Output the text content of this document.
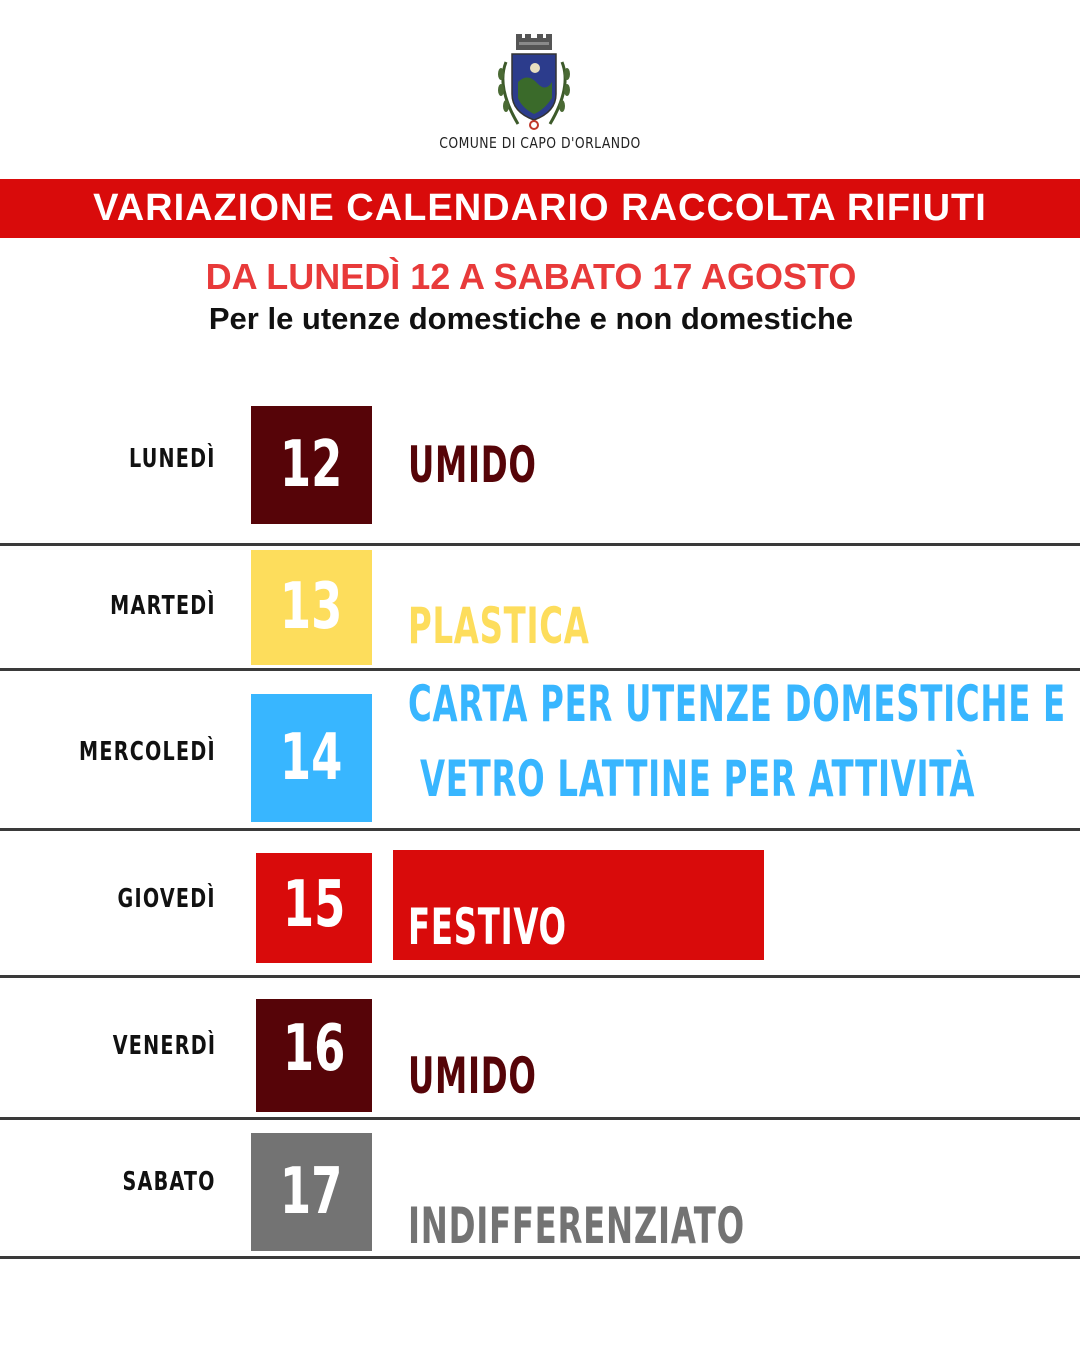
COMUNE DI CAPO D'ORLANDO
VARIAZIONE CALENDARIO RACCOLTA RIFIUTI
DA LUNEDÌ 12 A SABATO 17 AGOSTO
Per le utenze domestiche e non domestiche
LUNEDÌ	12	UMIDO
MARTEDÌ	13	PLASTICA
MERCOLEDÌ	14
CARTA PER UTENZE DOMESTICHE E
VETRO LATTINE PER ATTIVITÀ
GIOVEDÌ	15	FESTIVO
VENERDÌ	16	UMIDO
SABATO	17	INDIFFERENZIATO
